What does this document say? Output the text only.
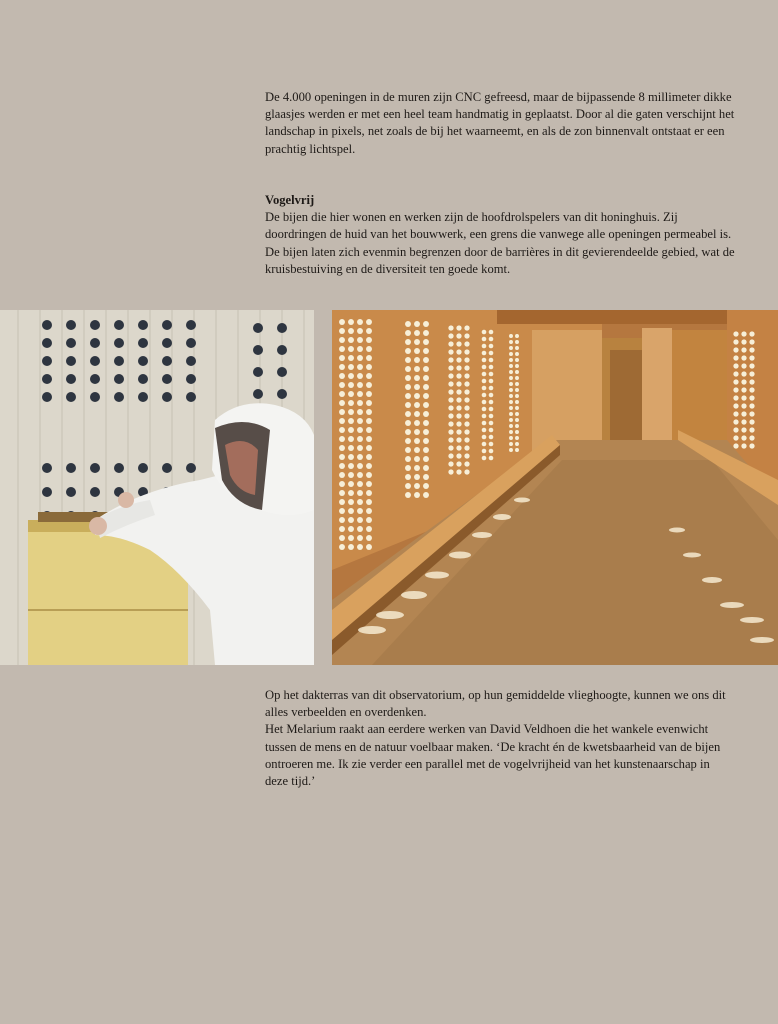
De 4.000 openingen in de muren zijn CNC gefreesd, maar de bijpassende 8 millimeter dikke glaasjes werden er met een heel team handmatig in geplaatst. Door al die gaten verschijnt het landschap in pixels, net zoals de bij het waarneemt, en als de zon binnenvalt ontstaat er een prachtig lichtspel.

Vogelvrij

De bijen die hier wonen en werken zijn de hoofdrolspelers van dit honinghuis. Zij doordringen de huid van het bouwwerk, een grens die vanwege alle openingen permeabel is. De bijen laten zich evenmin begrenzen door de barrières in dit gevierendeelde gebied, wat de kruisbestuiving en de diversiteit ten goede komt.

Op het dakterras van dit observatorium, op hun gemiddelde vlieghoogte, kunnen we ons dit alles verbeelden en overdenken.

Het Melarium raakt aan eerdere werken van David Veldhoen die het wankele evenwicht tussen de mens en de natuur voelbaar maken. ‘De kracht én de kwetsbaarheid van de bijen ontroeren me. Ik zie verder een parallel met de vogelvrijheid van het kunstenaarschap in deze tijd.’
